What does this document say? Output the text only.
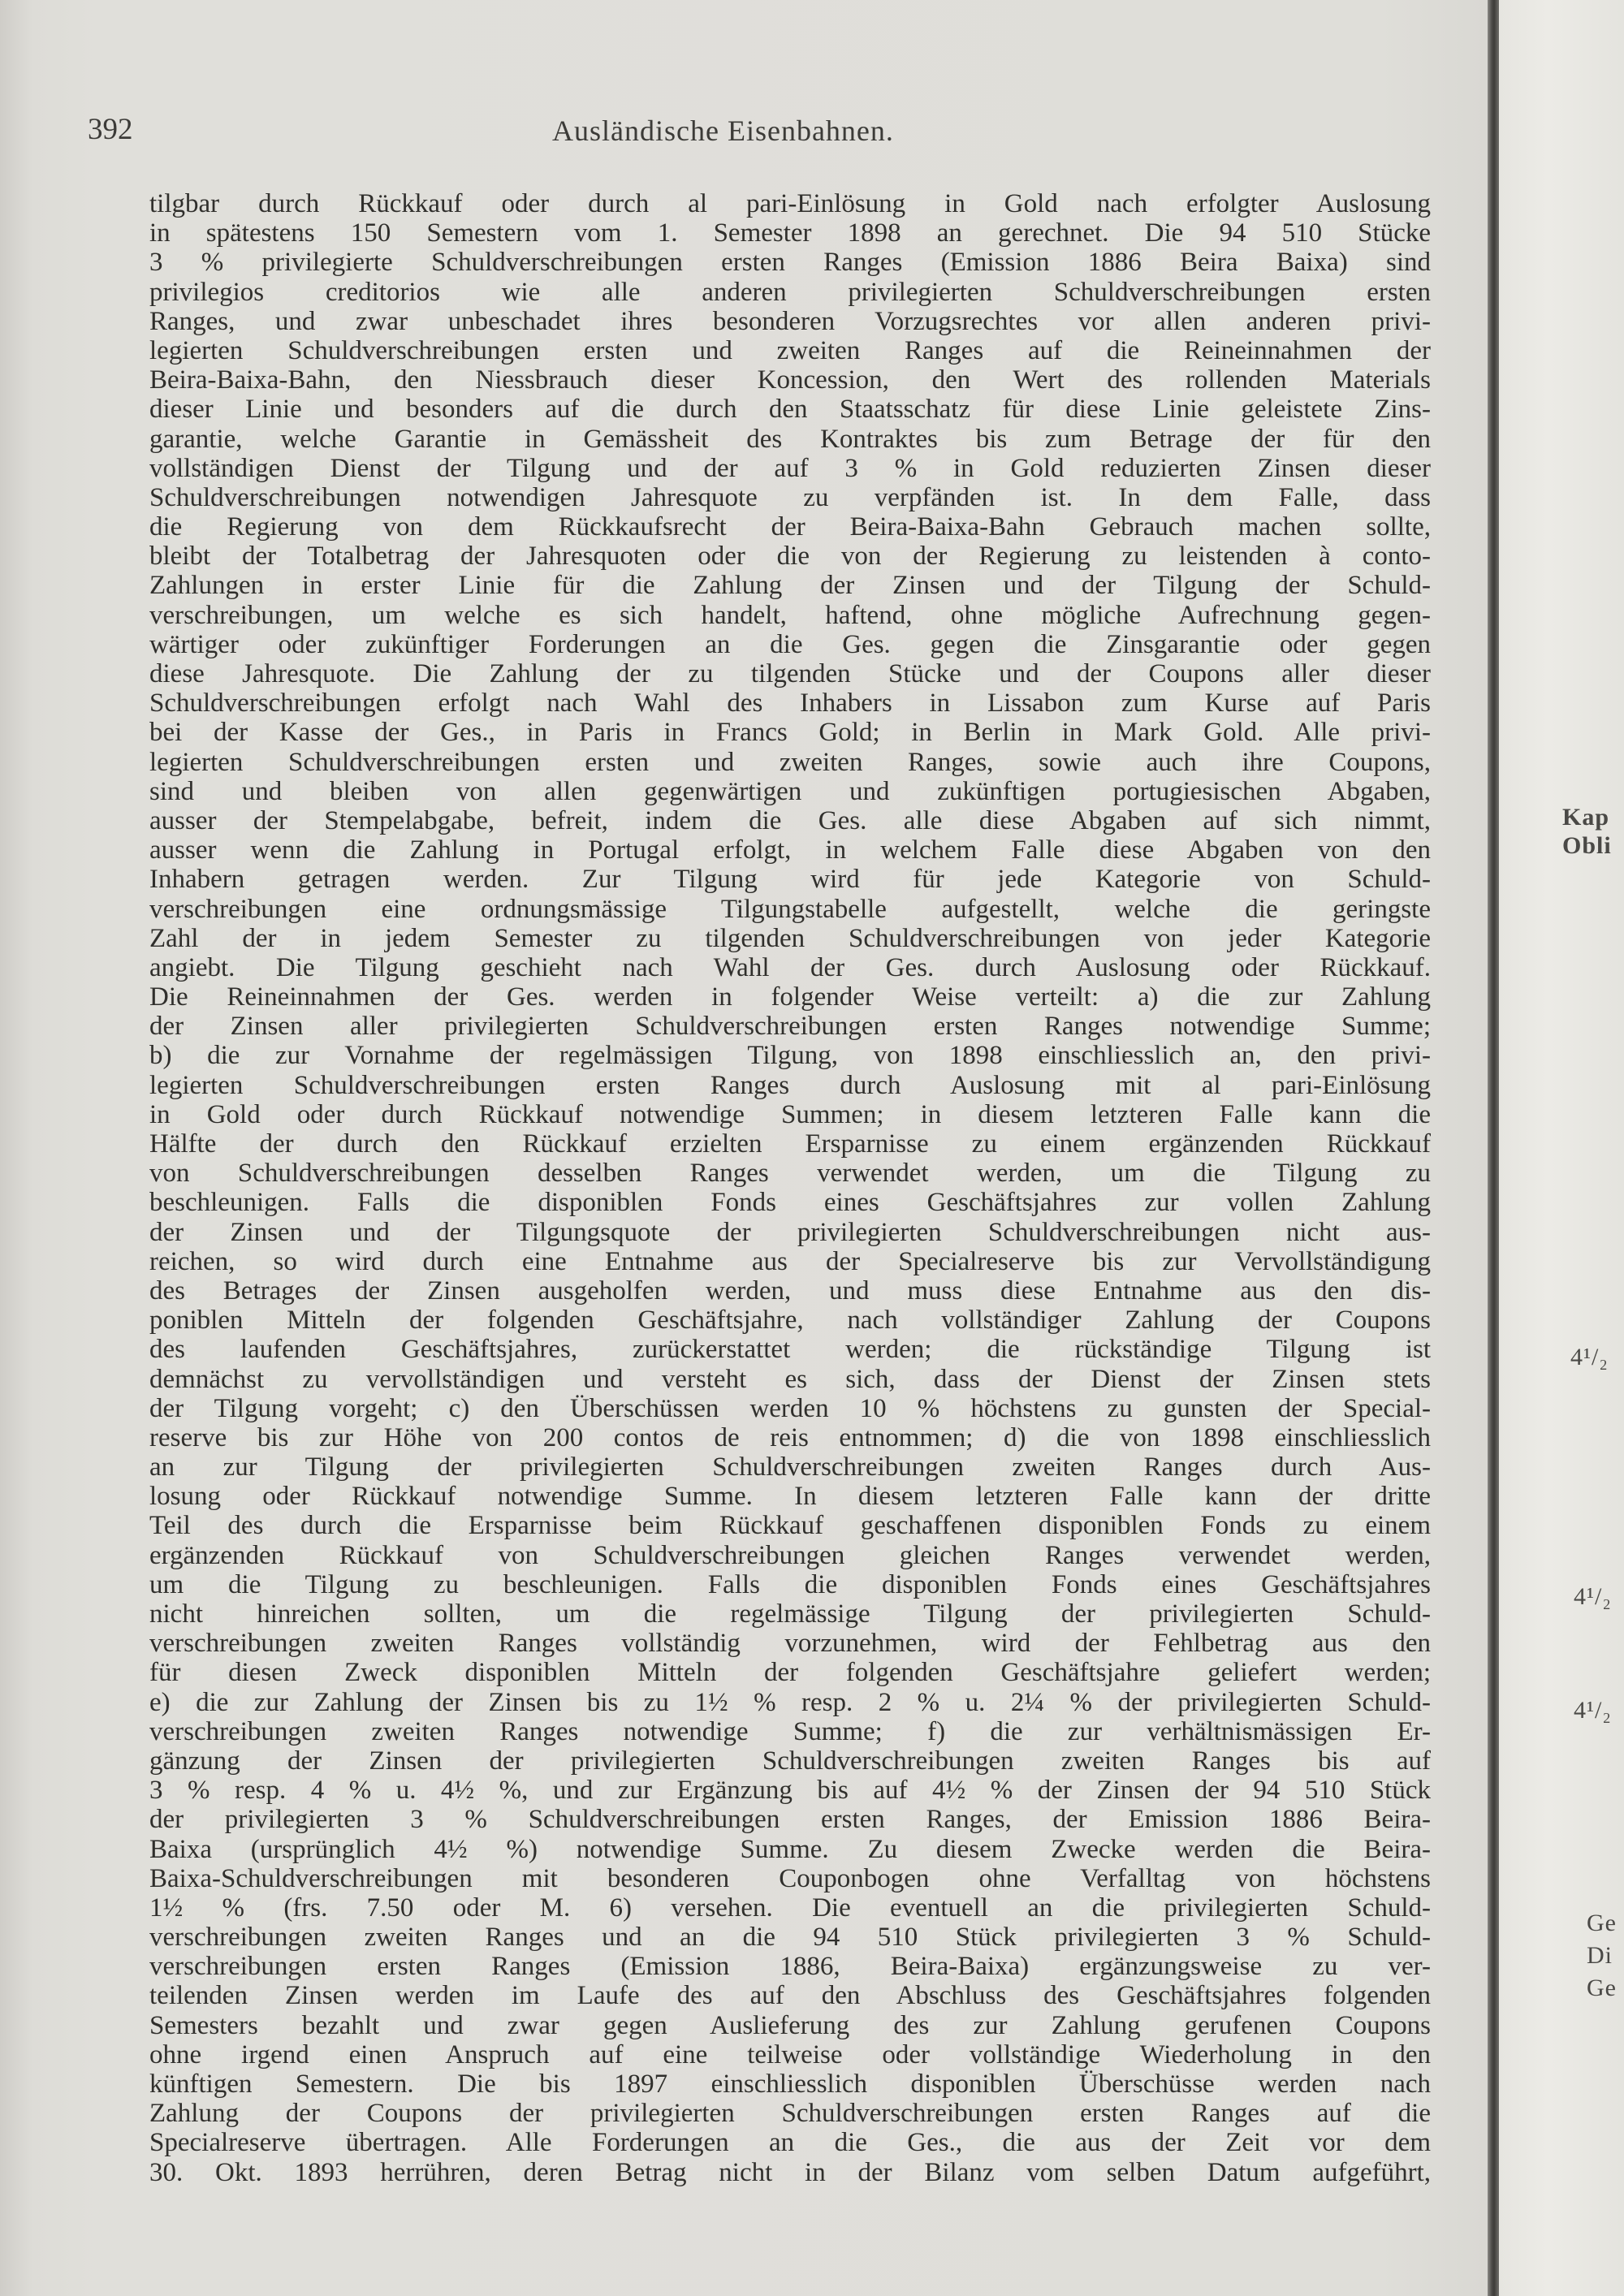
392	Ausländische Eisenbahnen.
tilgbar durch Rückkauf oder durch al pari-Einlösung in Gold nach erfolgter Auslosung
in spätestens 150 Semestern vom 1. Semester 1898 an gerechnet. Die 94 510 Stücke
3 % privilegierte Schuldverschreibungen ersten Ranges (Emission 1886 Beira Baixa) sind
privilegios creditorios wie alle anderen privilegierten Schuldverschreibungen ersten
Ranges, und zwar unbeschadet ihres besonderen Vorzugsrechtes vor allen anderen privi-
legierten Schuldverschreibungen ersten und zweiten Ranges auf die Reineinnahmen der
Beira-Baixa-Bahn, den Niessbrauch dieser Koncession, den Wert des rollenden Materials
dieser Linie und besonders auf die durch den Staatsschatz für diese Linie geleistete Zins-
garantie, welche Garantie in Gemässheit des Kontraktes bis zum Betrage der für den
vollständigen Dienst der Tilgung und der auf 3 % in Gold reduzierten Zinsen dieser
Schuldverschreibungen notwendigen Jahresquote zu verpfänden ist. In dem Falle, dass
die Regierung von dem Rückkaufsrecht der Beira-Baixa-Bahn Gebrauch machen sollte,
bleibt der Totalbetrag der Jahresquoten oder die von der Regierung zu leistenden à conto-
Zahlungen in erster Linie für die Zahlung der Zinsen und der Tilgung der Schuld-
verschreibungen, um welche es sich handelt, haftend, ohne mögliche Aufrechnung gegen-
wärtiger oder zukünftiger Forderungen an die Ges. gegen die Zinsgarantie oder gegen
diese Jahresquote. Die Zahlung der zu tilgenden Stücke und der Coupons aller dieser
Schuldverschreibungen erfolgt nach Wahl des Inhabers in Lissabon zum Kurse auf Paris
bei der Kasse der Ges., in Paris in Francs Gold; in Berlin in Mark Gold. Alle privi-
legierten Schuldverschreibungen ersten und zweiten Ranges, sowie auch ihre Coupons,
sind und bleiben von allen gegenwärtigen und zukünftigen portugiesischen Abgaben,
ausser der Stempelabgabe, befreit, indem die Ges. alle diese Abgaben auf sich nimmt,
ausser wenn die Zahlung in Portugal erfolgt, in welchem Falle diese Abgaben von den
Inhabern getragen werden. Zur Tilgung wird für jede Kategorie von Schuld-
verschreibungen eine ordnungsmässige Tilgungstabelle aufgestellt, welche die geringste
Zahl der in jedem Semester zu tilgenden Schuldverschreibungen von jeder Kategorie
angiebt. Die Tilgung geschieht nach Wahl der Ges. durch Auslosung oder Rückkauf.
Die Reineinnahmen der Ges. werden in folgender Weise verteilt: a) die zur Zahlung
der Zinsen aller privilegierten Schuldverschreibungen ersten Ranges notwendige Summe;
b) die zur Vornahme der regelmässigen Tilgung, von 1898 einschliesslich an, den privi-
legierten Schuldverschreibungen ersten Ranges durch Auslosung mit al pari-Einlösung
in Gold oder durch Rückkauf notwendige Summen; in diesem letzteren Falle kann die
Hälfte der durch den Rückkauf erzielten Ersparnisse zu einem ergänzenden Rückkauf
von Schuldverschreibungen desselben Ranges verwendet werden, um die Tilgung zu
beschleunigen. Falls die disponiblen Fonds eines Geschäftsjahres zur vollen Zahlung
der Zinsen und der Tilgungsquote der privilegierten Schuldverschreibungen nicht aus-
reichen, so wird durch eine Entnahme aus der Specialreserve bis zur Vervollständigung
des Betrages der Zinsen ausgeholfen werden, und muss diese Entnahme aus den dis-
poniblen Mitteln der folgenden Geschäftsjahre, nach vollständiger Zahlung der Coupons
des laufenden Geschäftsjahres, zurückerstattet werden; die rückständige Tilgung ist
demnächst zu vervollständigen und versteht es sich, dass der Dienst der Zinsen stets
der Tilgung vorgeht; c) den Überschüssen werden 10 % höchstens zu gunsten der Special-
reserve bis zur Höhe von 200 contos de reis entnommen; d) die von 1898 einschliesslich
an zur Tilgung der privilegierten Schuldverschreibungen zweiten Ranges durch Aus-
losung oder Rückkauf notwendige Summe. In diesem letzteren Falle kann der dritte
Teil des durch die Ersparnisse beim Rückkauf geschaffenen disponiblen Fonds zu einem
ergänzenden Rückkauf von Schuldverschreibungen gleichen Ranges verwendet werden,
um die Tilgung zu beschleunigen. Falls die disponiblen Fonds eines Geschäftsjahres
nicht hinreichen sollten, um die regelmässige Tilgung der privilegierten Schuld-
verschreibungen zweiten Ranges vollständig vorzunehmen, wird der Fehlbetrag aus den
für diesen Zweck disponiblen Mitteln der folgenden Geschäftsjahre geliefert werden;
e) die zur Zahlung der Zinsen bis zu 1½ % resp. 2 % u. 2¼ % der privilegierten Schuld-
verschreibungen zweiten Ranges notwendige Summe; f) die zur verhältnismässigen Er-
gänzung der Zinsen der privilegierten Schuldverschreibungen zweiten Ranges bis auf
3 % resp. 4 % u. 4½ %, und zur Ergänzung bis auf 4½ % der Zinsen der 94 510 Stück
der privilegierten 3 % Schuldverschreibungen ersten Ranges, der Emission 1886 Beira-
Baixa (ursprünglich 4½ %) notwendige Summe. Zu diesem Zwecke werden die Beira-
Baixa-Schuldverschreibungen mit besonderen Couponbogen ohne Verfalltag von höchstens
1½ % (frs. 7.50 oder M. 6) versehen. Die eventuell an die privilegierten Schuld-
verschreibungen zweiten Ranges und an die 94 510 Stück privilegierten 3 % Schuld-
verschreibungen ersten Ranges (Emission 1886, Beira-Baixa) ergänzungsweise zu ver-
teilenden Zinsen werden im Laufe des auf den Abschluss des Geschäftsjahres folgenden
Semesters bezahlt und zwar gegen Auslieferung des zur Zahlung gerufenen Coupons
ohne irgend einen Anspruch auf eine teilweise oder vollständige Wiederholung in den
künftigen Semestern. Die bis 1897 einschliesslich disponiblen Überschüsse werden nach
Zahlung der Coupons der privilegierten Schuldverschreibungen ersten Ranges auf die
Specialreserve übertragen. Alle Forderungen an die Ges., die aus der Zeit vor dem
30. Okt. 1893 herrühren, deren Betrag nicht in der Bilanz vom selben Datum aufgeführt,
Kap
Obli
4¹/₂
4¹/₂
4¹/₂
Ge
Di
Ge
